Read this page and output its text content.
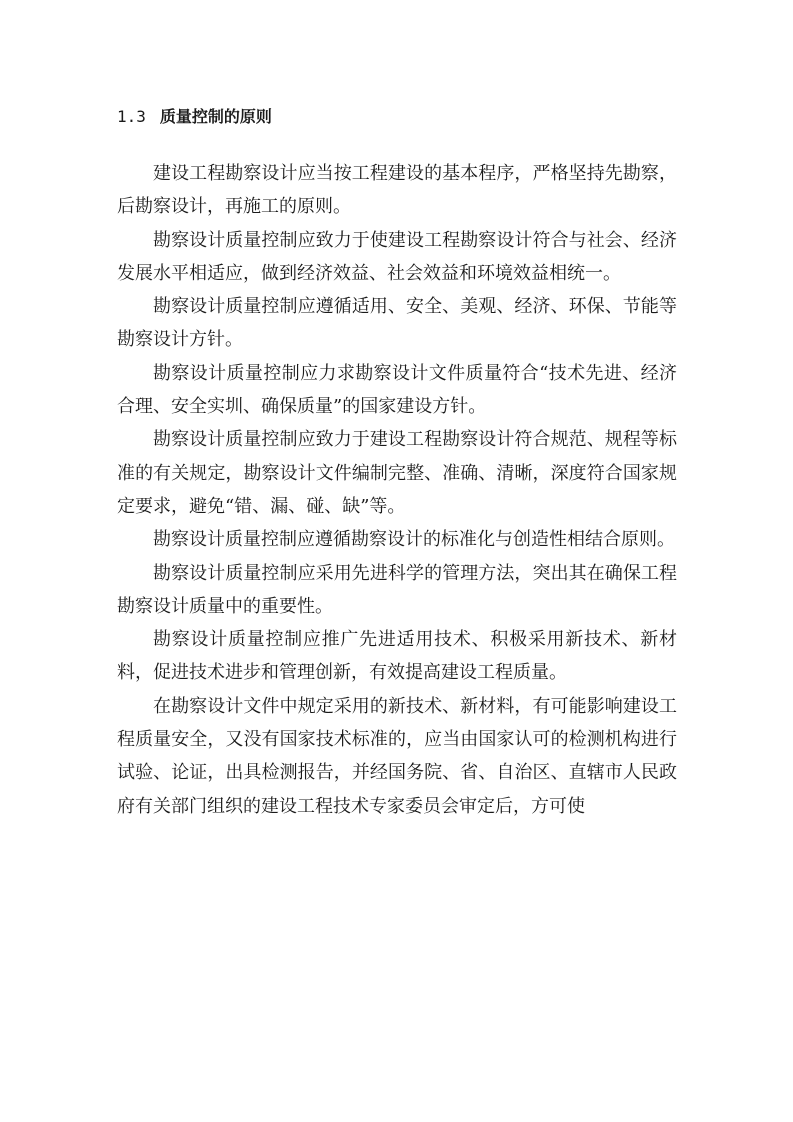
1.3 质量控制的原则

建设工程勘察设计应当按工程建设的基本程序，严格坚持先勘察，后勘察设计，再施工的原则。

勘察设计质量控制应致力于使建设工程勘察设计符合与社会、经济发展水平相适应，做到经济效益、社会效益和环境效益相统一。

勘察设计质量控制应遵循适用、安全、美观、经济、环保、节能等勘察设计方针。

勘察设计质量控制应力求勘察设计文件质量符合“技术先进、经济合理、安全实圳、确保质量”的国家建设方针。

勘察设计质量控制应致力于建设工程勘察设计符合规范、规程等标准的有关规定，勘察设计文件编制完整、准确、清晰，深度符合国家规定要求，避免“错、漏、碰、缺”等。

勘察设计质量控制应遵循勘察设计的标准化与创造性相结合原则。

勘察设计质量控制应采用先进科学的管理方法，突出其在确保工程勘察设计质量中的重要性。

勘察设计质量控制应推广先进适用技术、积极采用新技术、新材料，促进技术进步和管理创新，有效提高建设工程质量。

在勘察设计文件中规定采用的新技术、新材料，有可能影响建设工程质量安全，又没有国家技术标准的，应当由国家认可的检测机构进行试验、论证，出具检测报告，并经国务院、省、自治区、直辖市人民政府有关部门组织的建设工程技术专家委员会审定后，方可使
